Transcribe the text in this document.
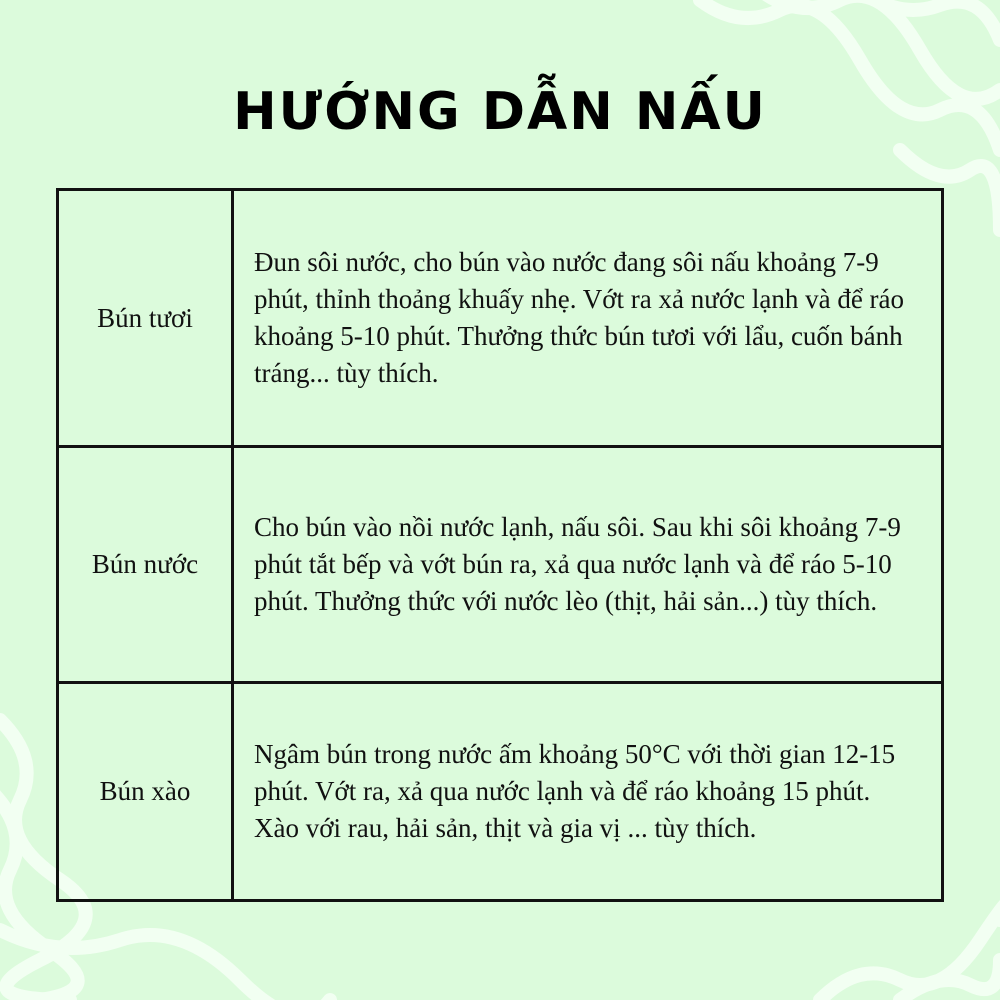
HƯỚNG DẪN NẤU
Bún tươi	Đun sôi nước, cho bún vào nước đang sôi nấu khoảng 7-9 phút, thỉnh thoảng khuấy nhẹ. Vớt ra xả nước lạnh và để ráo khoảng 5-10 phút. Thưởng thức bún tươi với lẩu, cuốn bánh tráng... tùy thích.
Bún nước	Cho bún vào nồi nước lạnh, nấu sôi. Sau khi sôi khoảng 7-9 phút tắt bếp và vớt bún ra, xả qua nước lạnh và để ráo 5-10 phút. Thưởng thức với nước lèo (thịt, hải sản...) tùy thích.
Bún xào	Ngâm bún trong nước ấm khoảng 50°C với thời gian 12-15 phút. Vớt ra, xả qua nước lạnh và để ráo khoảng 15 phút. Xào với rau, hải sản, thịt và gia vị ... tùy thích.
